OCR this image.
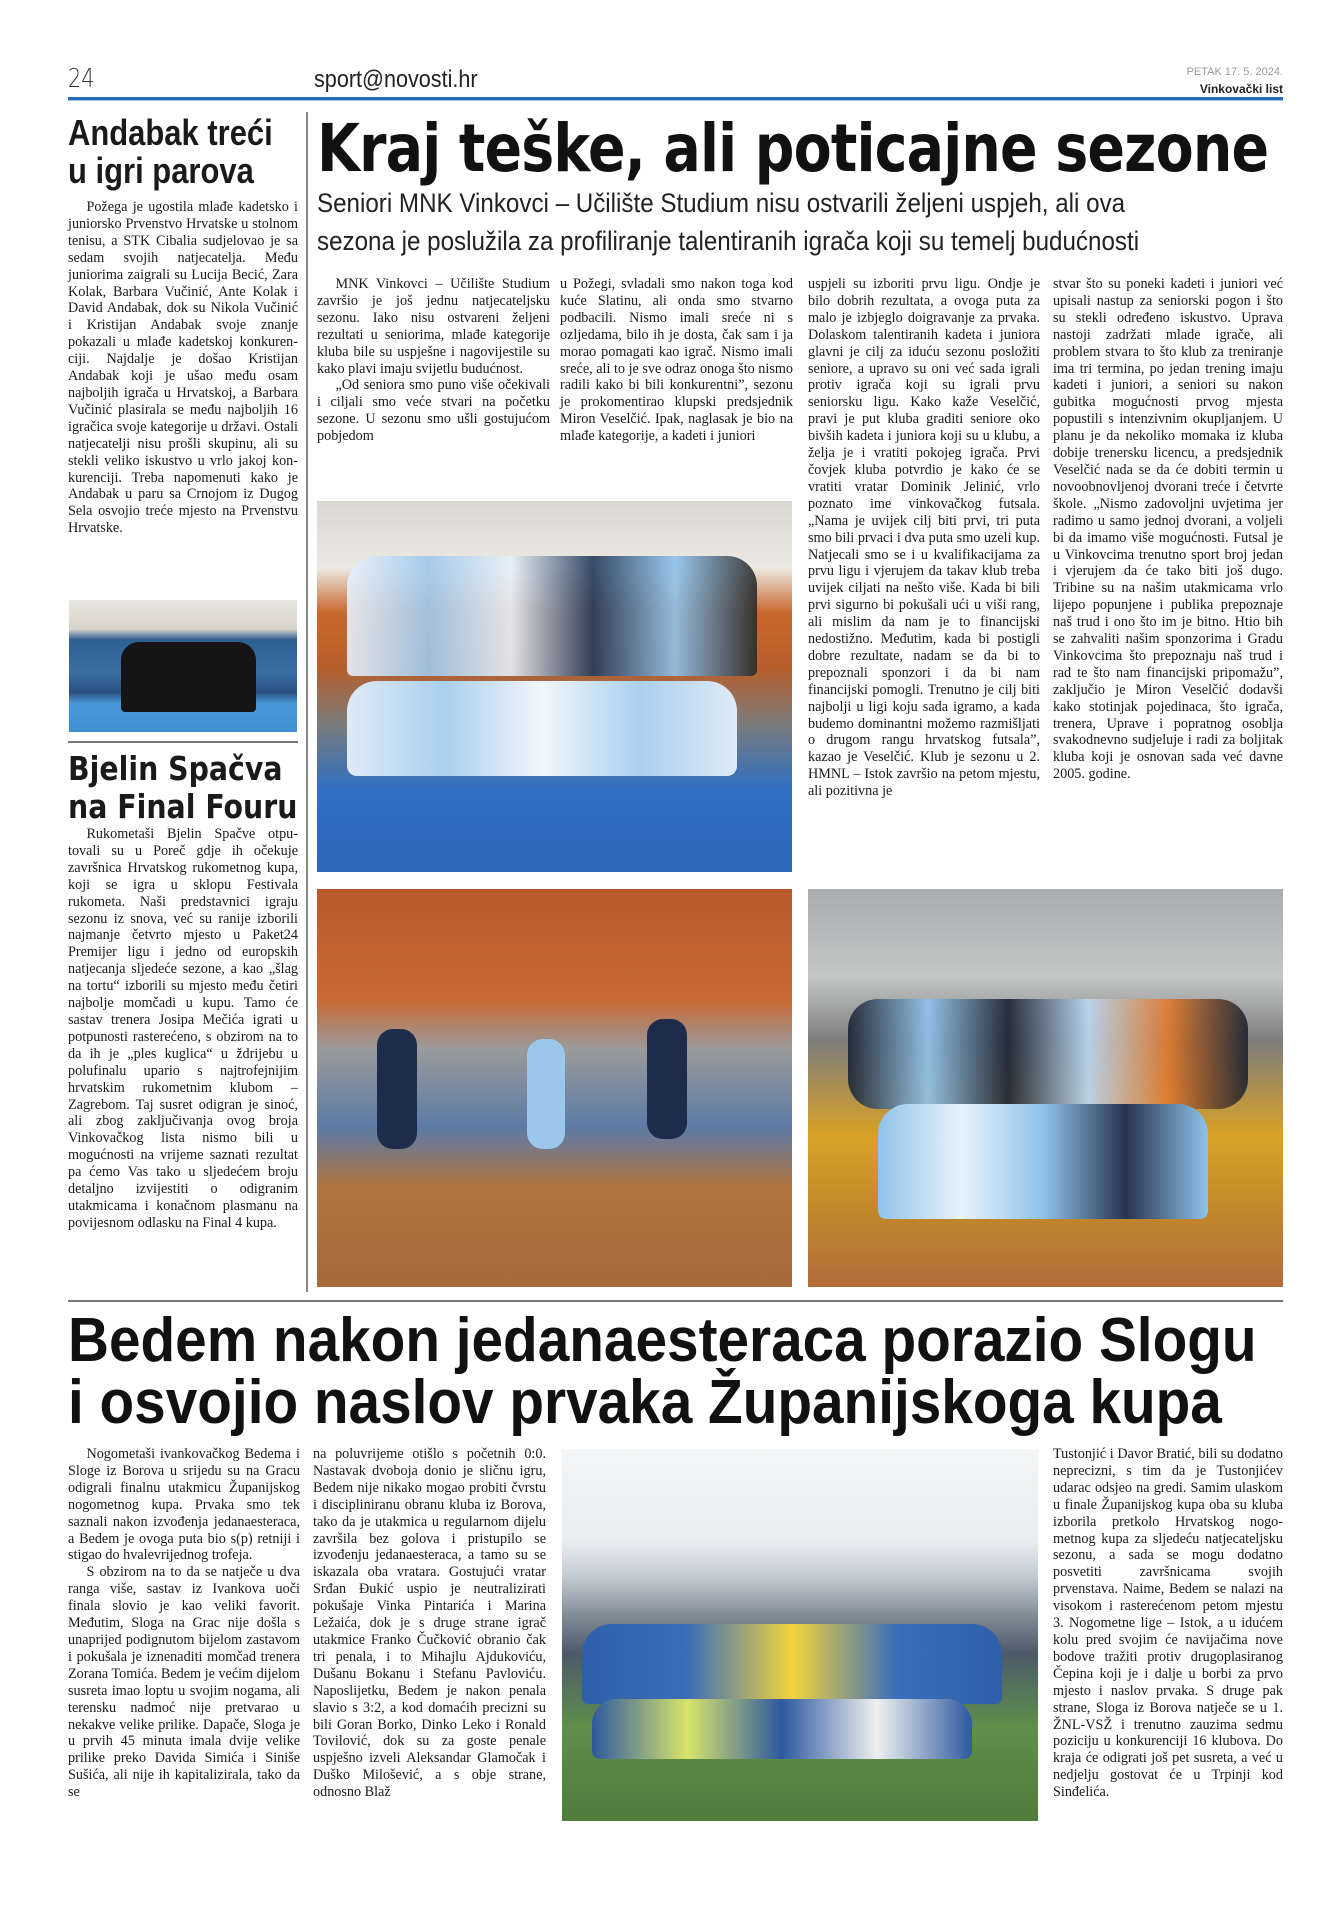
24	sport@novosti.hr	PETAK 17. 5. 2024.
Vinkovački list
Andabak treći
u igri parova

Požega je ugostila mlađe kadetsko i juniorsko Prvenstvo Hrvatske u stolnom tenisu, a STK Cibalia sudjelovao je sa sedam svojih natjecatelja. Među juniorima zaigrali su Lucija Becić, Zara Kolak, Barbara Vučinić, Ante Kolak i David Andabak, dok su Nikola Vučinić i Kristijan Andabak svoje znanje pokazali u mlađe kadetskoj konkurenciji. Najdalje je došao Kristijan Andabak koji je ušao među osam najboljih igrača u Hrvatskoj, a Barbara Vučinić plasirala se među najboljih 16 igračica svoje kategorije u državi. Ostali natjecatelji nisu prošli skupinu, ali su stekli veliko iskustvo u vrlo jakoj konkurenciji. Treba napomenuti kako je Andabak u paru sa Crnojom iz Dugog Sela osvojio treće mjesto na Prvenstvu Hrvatske.

Bjelin Spačva
na Final Fouru

Rukometaši Bjelin Spačve otputovali su u Poreč gdje ih očekuje završnica Hrvatskog rukometnog kupa, koji se igra u sklopu Festivala rukometa. Naši predstavnici igraju sezonu iz snova, već su ranije izborili najmanje četvrto mjesto u Paket24 Premijer ligu i jedno od europskih natjecanja sljedeće sezone, a kao „šlag na tortu“ izborili su mjesto među četiri najbolje momčadi u kupu. Tamo će sastav trenera Josipa Mečića igrati u potpunosti rasterećeno, s obzirom na to da ih je „ples kuglica“ u ždrijebu u polufinalu upario s najtrofejnijim hrvatskim rukometnim klubom – Zagrebom. Taj susret odigran je sinoć, ali zbog zaključivanja ovog broja Vinkovačkog lista nismo bili u mogućnosti na vrijeme saznati rezultat pa ćemo Vas tako u sljedećem broju detaljno izvijestiti o odigranim utakmicama i konačnom plasmanu na povijesnom odlasku na Final 4 kupa.

Kraj teške, ali poticajne sezone
Seniori MNK Vinkovci – Učilište Studium nisu ostvarili željeni uspjeh, ali ova
sezona je poslužila za profiliranje talentiranih igrača koji su temelj budućnosti

MNK Vinkovci – Učilište Studium završio je još jednu natjecateljsku sezonu. Iako nisu ostvareni željeni rezultati u seniorima, mlađe kategorije kluba bile su uspješne i nagovijestile su kako plavi imaju svijetlu budućnost.

„Od seniora smo puno više očekivali i ciljali smo veće stvari na početku sezone. U sezonu smo ušli gostujućom pobjedom

u Požegi, svladali smo nakon toga kod kuće Slatinu, ali onda smo stvarno podbacili. Nismo imali sreće ni s ozljedama, bilo ih je dosta, čak sam i ja morao pomagati kao igrač. Nismo imali sreće, ali to je sve odraz onoga što nismo radili kako bi bili konkurentni”, sezonu je prokomentirao klupski predsjednik Miron Veselčić. Ipak, naglasak je bio na mlađe kategorije, a kadeti i juniori

uspjeli su izboriti prvu ligu. Ondje je bilo dobrih rezultata, a ovoga puta za malo je izbjeglo doigravanje za prvaka. Dolaskom talentiranih kadeta i juniora glavni je cilj za iduću sezonu posložiti seniore, a upravo su oni već sada igrali protiv igrača koji su igrali prvu seniorsku ligu. Kako kaže Veselčić, pravi je put kluba graditi seniore oko bivših kadeta i juniora koji su u klubu, a želja je i vratiti pokojeg igrača. Prvi čovjek kluba potvrdio je kako će se vratiti vratar Dominik Jelinić, vrlo poznato ime vinkovačkog futsala. „Nama je uvijek cilj biti prvi, tri puta smo bili prvaci i dva puta smo uzeli kup. Natjecali smo se i u kvalifikacijama za prvu ligu i vjerujem da takav klub treba uvijek ciljati na nešto više. Kada bi bili prvi sigurno bi pokušali ući u viši rang, ali mislim da nam je to financijski nedostižno. Međutim, kada bi postigli dobre rezultate, nadam se da bi to prepoznali sponzori i da bi nam financijski pomogli. Trenutno je cilj biti najbolji u ligi koju sada igramo, a kada budemo dominantni možemo razmišljati o drugom rangu hrvatskog futsala”, kazao je Veselčić. Klub je sezonu u 2. HMNL – Istok završio na petom mjestu, ali pozitivna je

stvar što su poneki kadeti i juniori već upisali nastup za seniorski pogon i što su stekli određeno iskustvo. Uprava nastoji zadržati mlade igrače, ali problem stvara to što klub za treniranje ima tri termina, po jedan trening imaju kadeti i juniori, a seniori su nakon gubitka mogućnosti prvog mjesta popustili s intenzivnim okupljanjem. U planu je da nekoliko momaka iz kluba dobije trenersku licencu, a predsjednik Veselčić nada se da će dobiti termin u novoobnovljenoj dvorani treće i četvrte škole. „Nismo zadovoljni uvjetima jer radimo u samo jednoj dvorani, a voljeli bi da imamo više mogućnosti. Futsal je u Vinkovcima trenutno sport broj jedan i vjerujem da će tako biti još dugo. Tribine su na našim utakmicama vrlo lijepo popunjene i publika prepoznaje naš trud i ono što im je bitno. Htio bih se zahvaliti našim sponzorima i Gradu Vinkovcima što prepoznaju naš trud i rad te što nam financijski pripomažu”, zaključio je Miron Veselčić dodavši kako stotinjak pojedinaca, što igrača, trenera, Uprave i popratnog osoblja svakodnevno sudjeluje i radi za boljitak kluba koji je osnovan sada već davne 2005. godine.

Bedem nakon jedanaesteraca porazio Slogu
i osvojio naslov prvaka Županijskoga kupa

Nogometaši ivankovačkog Bedema i Sloge iz Borova u srijedu su na Gracu odigrali finalnu utakmicu Županijskog nogometnog kupa. Prvaka smo tek saznali nakon izvođenja jedanaesteraca, a Bedem je ovoga puta bio s(p) retniji i stigao do hvalevrijednog trofeja.

S obzirom na to da se natječe u dva ranga više, sastav iz Ivankova uoči finala slovio je kao veliki favorit. Međutim, Sloga na Grac nije došla s unaprijed podignutom bijelom zastavom i pokušala je iznenaditi momčad trenera Zorana Tomića. Bedem je većim dijelom susreta imao loptu u svojim nogama, ali terensku nadmoć nije pretvarao u nekakve velike prilike. Dapače, Sloga je u prvih 45 minuta imala dvije velike prilike preko Davida Simića i Siniše Sušića, ali nije ih kapitalizirala, tako da se

na poluvrijeme otišlo s početnih 0:0. Nastavak dvoboja donio je sličnu igru, Bedem nije nikako mogao probiti čvrstu i discipliniranu obranu kluba iz Borova, tako da je utakmica u regularnom dijelu završila bez golova i pristupilo se izvođenju jedanaesteraca, a tamo su se iskazala oba vratara. Gostujući vratar Srđan Đukić uspio je neutralizirati pokušaje Vinka Pintarića i Marina Ležaića, dok je s druge strane igrač utakmice Franko Čučković obranio čak tri penala, i to Mihajlu Ajdukoviću, Dušanu Bokanu i Stefanu Pavloviću. Naposlijetku, Bedem je nakon penala slavio s 3:2, a kod domaćih precizni su bili Goran Borko, Dinko Leko i Ronald Tovilović, dok su za goste penale uspješno izveli Aleksandar Glamočak i Duško Milošević, a s obje strane, odnosno Blaž

Tustonjić i Davor Bratić, bili su dodatno neprecizni, s tim da je Tustonjićev udarac odsjeo na gredi. Samim ulaskom u finale Županijskog kupa oba su kluba izborila pretkolo Hrvatskog nogometnog kupa za sljedeću natjecateljsku sezonu, a sada se mogu dodatno posvetiti završnicama svojih prvenstava. Naime, Bedem se nalazi na visokom i rasterećenom petom mjestu 3. Nogometne lige – Istok, a u idućem kolu pred svojim će navijačima nove bodove tražiti protiv drugoplasiranog Čepina koji je i dalje u borbi za prvo mjesto i naslov prvaka. S druge pak strane, Sloga iz Borova natječe se u 1. ŽNL-VSŽ i trenutno zauzima sedmu poziciju u konkurenciji 16 klubova. Do kraja će odigrati još pet susreta, a već u nedjelju gostovat će u Trpinji kod Sinđelića.
